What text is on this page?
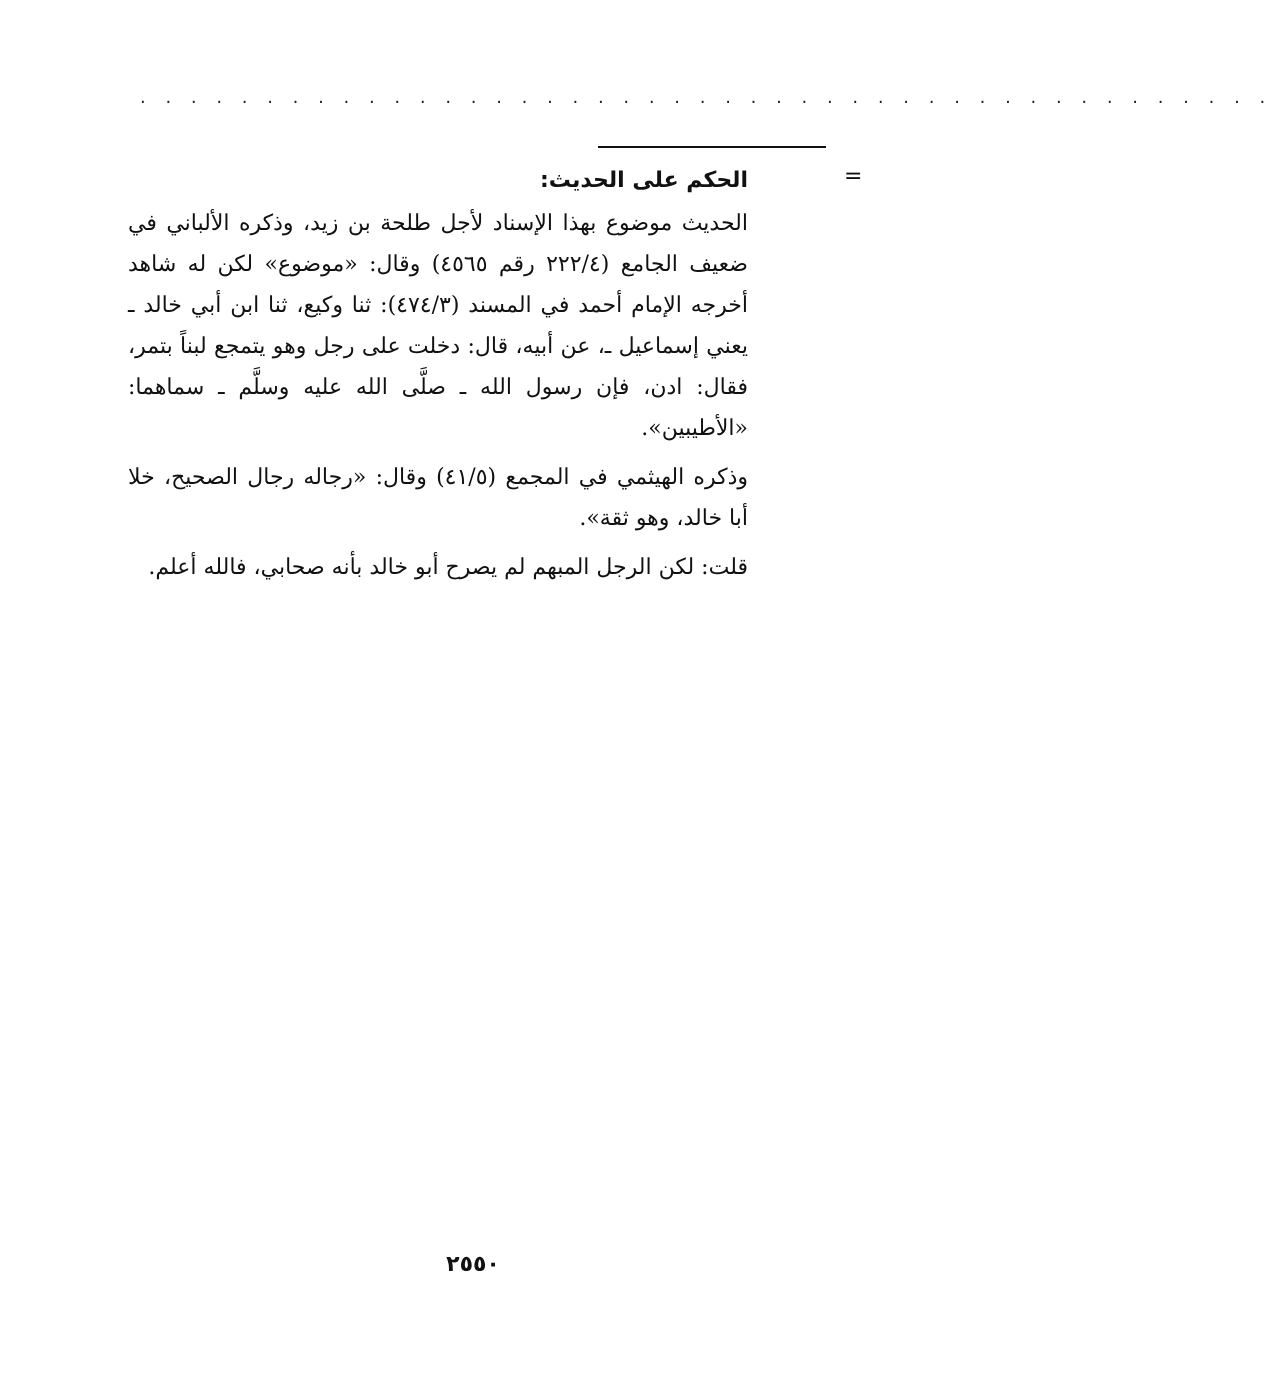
. . . . . . . . . . . . . . . . . . . . . . . . . . . . . . . . . . . . . . . . . . . . .
=
الحكم على الحديث:

الحديث موضوع بهذا الإسناد لأجل طلحة بن زيد، وذكره الألباني في ضعيف الجامع (٢٢٢/٤ رقم ٤٥٦٥) وقال: «موضوع» لكن له شاهد أخرجه الإمام أحمد في المسند (٤٧٤/٣): ثنا وكيع، ثنا ابن أبي خالد ـ يعني إسماعيل ـ، عن أبيه، قال: دخلت على رجل وهو يتمجع لبناً بتمر، فقال: ادن، فإن رسول الله ـ صلَّى الله عليه وسلَّم ـ سماهما: «الأطيبين».

وذكره الهيثمي في المجمع (٤١/٥) وقال: «رجاله رجال الصحيح، خلا أبا خالد، وهو ثقة».

قلت: لكن الرجل المبهم لم يصرح أبو خالد بأنه صحابي، فالله أعلم.

٢٥٥٠
